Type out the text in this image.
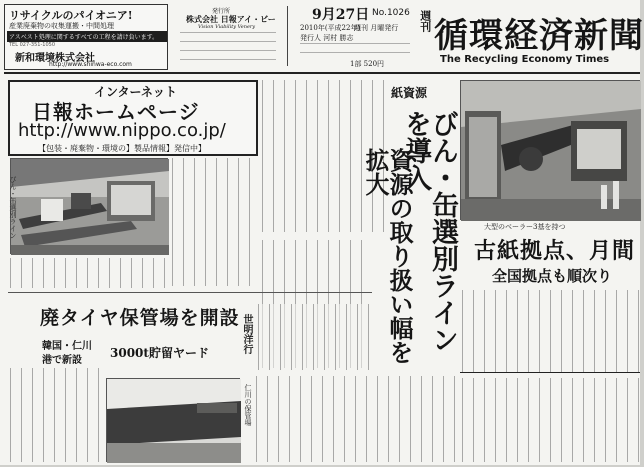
リサイクルのパイオニア!
産業廃棄物の収集運搬・中間処理
アスベスト処理に関するすべての工程を請け負います。
TEL 027-351-1050
新和環境株式会社
http://www.shinwa-eco.com
発行所
株式会社 日報アイ・ビー
Vision Viability Venery
9月27日 No.1026
2010年(平成22年)
週刊 月曜発行
発行人 河村 勝志
1部 520円
週刊 循環経済新聞
The Recycling Economy Times
インターネット
日報ホームページ
http://www.nippo.co.jp/
【包装・廃棄物・環境の】製品情報】発信中】
紙資源
びん・缶選別ラインを導入
資源の取り扱い幅を拡大
びん・缶選別ライン	大型のベーラー3基を持つ
古紙拠点、月間
全国拠点も順次り
廃タイヤ保管場を開設 世明洋行
韓国・仁川
港で新設
3000t貯留ヤード
仁川の保管場
